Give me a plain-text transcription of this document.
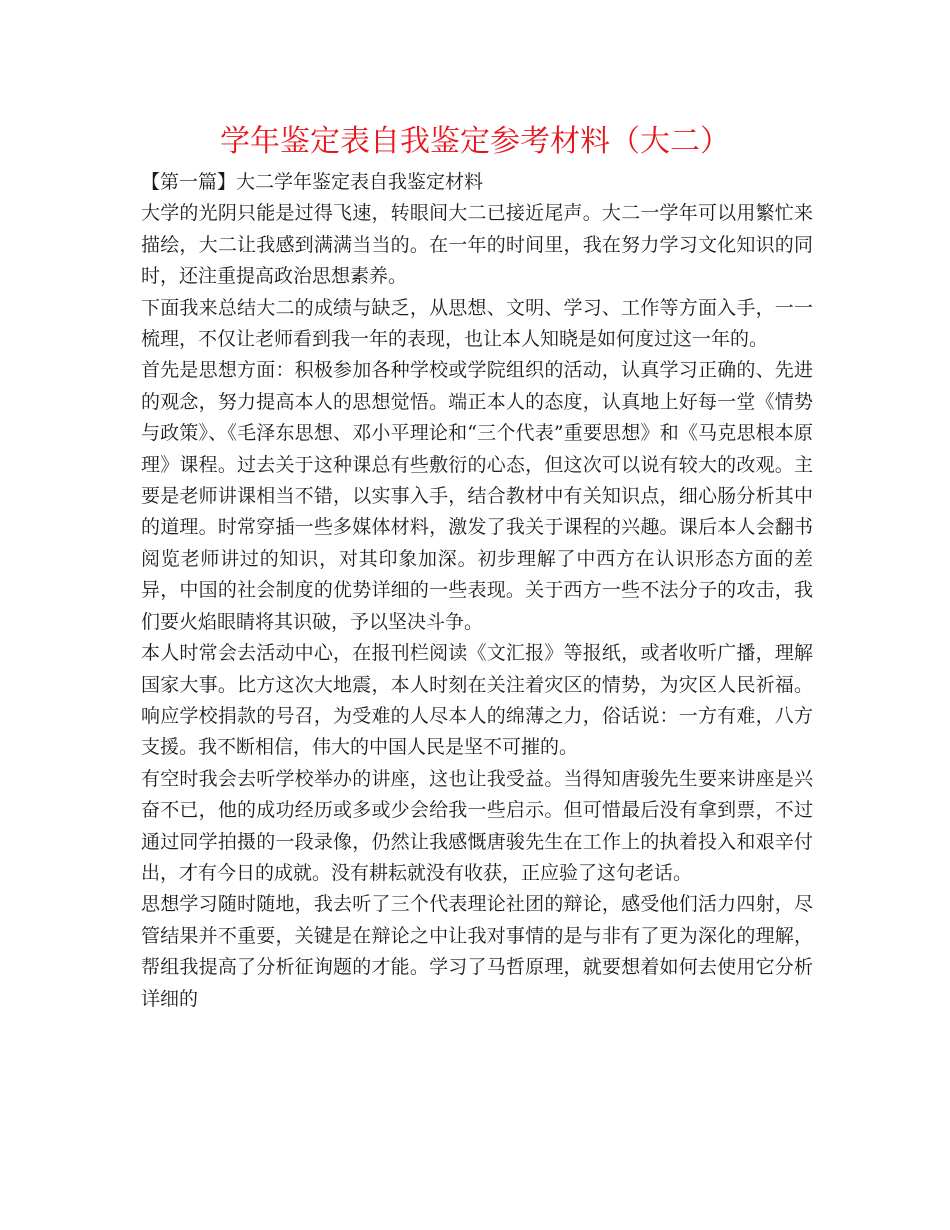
学年鉴定表自我鉴定参考材料（大二）

【第一篇】大二学年鉴定表自我鉴定材料

大学的光阴只能是过得飞速，转眼间大二已接近尾声。大二一学年可以用繁忙来描绘，大二让我感到满满当当的。在一年的时间里，我在努力学习文化知识的同时，还注重提高政治思想素养。

下面我来总结大二的成绩与缺乏，从思想、文明、学习、工作等方面入手，一一梳理，不仅让老师看到我一年的表现，也让本人知晓是如何度过这一年的。

首先是思想方面：积极参加各种学校或学院组织的活动，认真学习正确的、先进的观念，努力提高本人的思想觉悟。端正本人的态度，认真地上好每一堂《情势与政策》、《毛泽东思想、邓小平理论和“三个代表”重要思想》和《马克思根本原理》课程。过去关于这种课总有些敷衍的心态，但这次可以说有较大的改观。主要是老师讲课相当不错，以实事入手，结合教材中有关知识点，细心肠分析其中的道理。时常穿插一些多媒体材料，激发了我关于课程的兴趣。课后本人会翻书阅览老师讲过的知识，对其印象加深。初步理解了中西方在认识形态方面的差异，中国的社会制度的优势详细的一些表现。关于西方一些不法分子的攻击，我们要火焰眼睛将其识破，予以坚决斗争。

本人时常会去活动中心，在报刊栏阅读《文汇报》等报纸，或者收听广播，理解国家大事。比方这次大地震，本人时刻在关注着灾区的情势，为灾区人民祈福。响应学校捐款的号召，为受难的人尽本人的绵薄之力，俗话说：一方有难，八方支援。我不断相信，伟大的中国人民是坚不可摧的。

有空时我会去听学校举办的讲座，这也让我受益。当得知唐骏先生要来讲座是兴奋不已，他的成功经历或多或少会给我一些启示。但可惜最后没有拿到票，不过通过同学拍摄的一段录像，仍然让我感慨唐骏先生在工作上的执着投入和艰辛付出，才有今日的成就。没有耕耘就没有收获，正应验了这句老话。

思想学习随时随地，我去听了三个代表理论社团的辩论，感受他们活力四射，尽管结果并不重要，关键是在辩论之中让我对事情的是与非有了更为深化的理解，帮组我提高了分析征询题的才能。学习了马哲原理，就要想着如何去使用它分析详细的
